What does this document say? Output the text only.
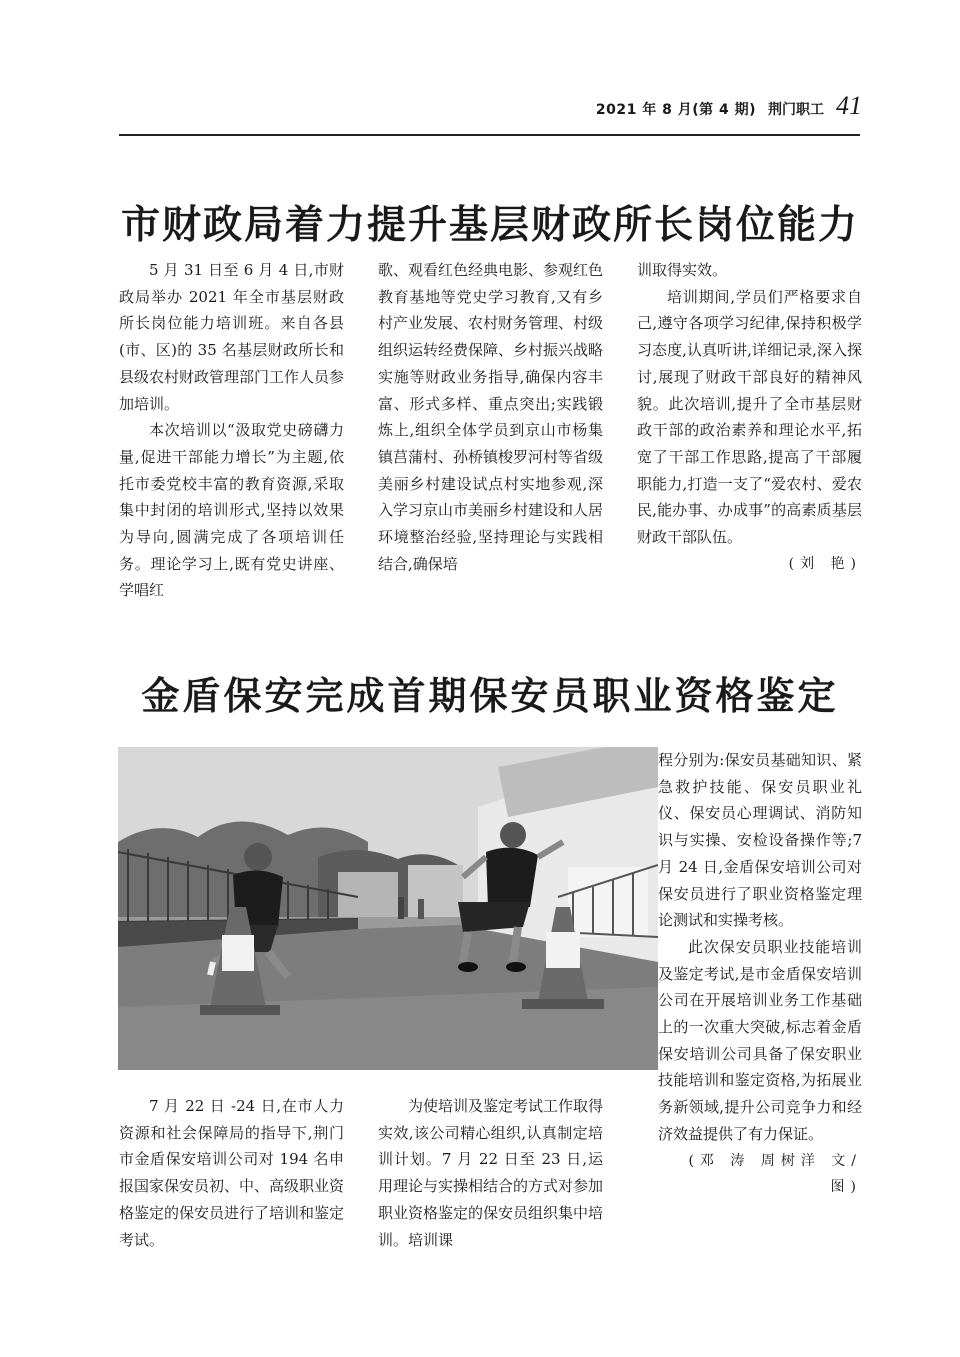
2021 年 8 月(第 4 期) 荆门职工 41
市财政局着力提升基层财政所长岗位能力

5 月 31 日至 6 月 4 日,市财政局举办 2021 年全市基层财政所长岗位能力培训班。来自各县(市、区)的 35 名基层财政所长和县级农村财政管理部门工作人员参加培训。

本次培训以“汲取党史磅礴力量,促进干部能力增长”为主题,依托市委党校丰富的教育资源,采取集中封闭的培训形式,坚持以效果为导向,圆满完成了各项培训任务。理论学习上,既有党史讲座、学唱红

歌、观看红色经典电影、参观红色教育基地等党史学习教育,又有乡村产业发展、农村财务管理、村级组织运转经费保障、乡村振兴战略实施等财政业务指导,确保内容丰富、形式多样、重点突出;实践锻炼上,组织全体学员到京山市杨集镇莒蒲村、孙桥镇梭罗河村等省级美丽乡村建设试点村实地参观,深入学习京山市美丽乡村建设和人居环境整治经验,坚持理论与实践相结合,确保培

训取得实效。

培训期间,学员们严格要求自己,遵守各项学习纪律,保持积极学习态度,认真听讲,详细记录,深入探讨,展现了财政干部良好的精神风貌。此次培训,提升了全市基层财政干部的政治素养和理论水平,拓宽了干部工作思路,提高了干部履职能力,打造一支了“爱农村、爱农民,能办事、办成事”的高素质基层财政干部队伍。

(刘 艳)
金盾保安完成首期保安员职业资格鉴定

程分别为:保安员基础知识、紧急救护技能、保安员职业礼仪、保安员心理调试、消防知识与实操、安检设备操作等;7 月 24 日,金盾保安培训公司对保安员进行了职业资格鉴定理论测试和实操考核。

此次保安员职业技能培训及鉴定考试,是市金盾保安培训公司在开展培训业务工作基础上的一次重大突破,标志着金盾保安培训公司具备了保安职业技能培训和鉴定资格,为拓展业务新领域,提升公司竞争力和经济效益提供了有力保证。

(邓 涛 周树洋 文/图)

7 月 22 日 -24 日,在市人力资源和社会保障局的指导下,荆门市金盾保安培训公司对 194 名申报国家保安员初、中、高级职业资格鉴定的保安员进行了培训和鉴定考试。

为使培训及鉴定考试工作取得实效,该公司精心组织,认真制定培训计划。7 月 22 日至 23 日,运用理论与实操相结合的方式对参加职业资格鉴定的保安员组织集中培训。培训课
